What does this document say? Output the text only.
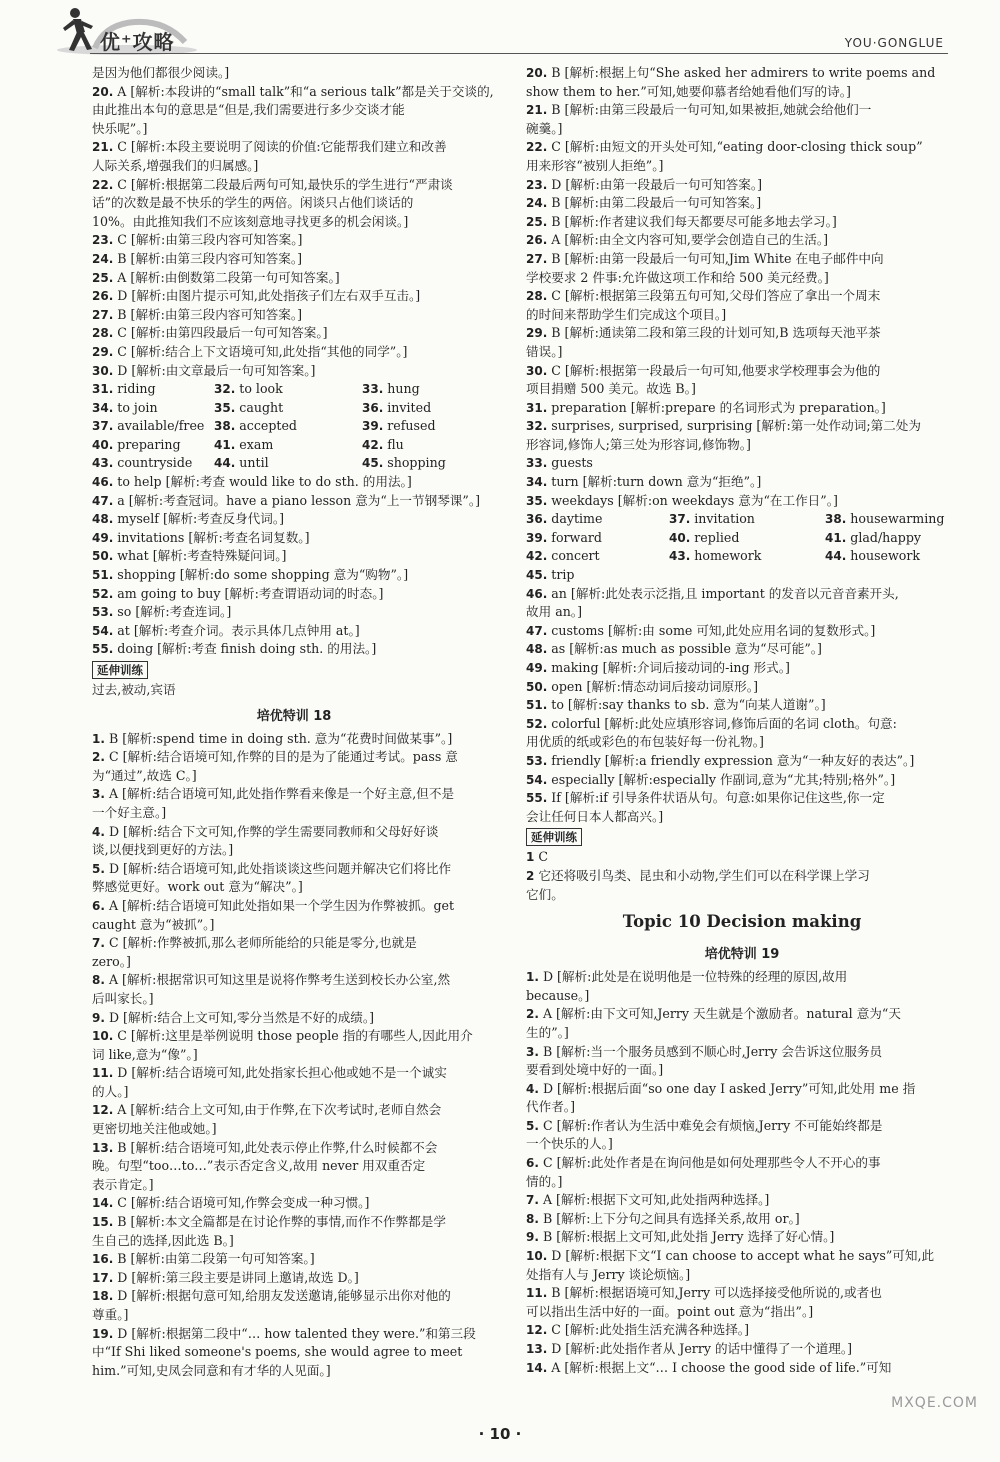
优⁺攻略	YOU·GONGLUE
是因为他们都很少阅读。]
20. A [解析:本段讲的“small talk”和“a serious talk”都是关于交谈的,
由此推出本句的意思是“但是,我们需要进行多少交谈才能
快乐呢”。]
21. C [解析:本段主要说明了阅读的价值:它能帮我们建立和改善
人际关系,增强我们的归属感。]
22. C [解析:根据第二段最后两句可知,最快乐的学生进行“严肃谈
话”的次数是最不快乐的学生的两倍。闲谈只占他们谈话的
10%。由此推知我们不应该刻意地寻找更多的机会闲谈。]
23. C [解析:由第三段内容可知答案。]
24. B [解析:由第三段内容可知答案。]
25. A [解析:由倒数第二段第一句可知答案。]
26. D [解析:由图片提示可知,此处指孩子们左右双手互击。]
27. B [解析:由第三段内容可知答案。]
28. C [解析:由第四段最后一句可知答案。]
29. C [解析:结合上下文语境可知,此处指“其他的同学”。]
30. D [解析:由文章最后一句可知答案。]
31. riding	32. to look	33. hung
34. to join	35. caught	36. invited
37. available/free 38. accepted	39. refused
40. preparing	41. exam	42. flu
43. countryside	44. until	45. shopping
46. to help [解析:考查 would like to do sth. 的用法。]
47. a [解析:考查冠词。have a piano lesson 意为“上一节钢琴课”。]
48. myself [解析:考查反身代词。]
49. invitations [解析:考查名词复数。]
50. what [解析:考查特殊疑问词。]
51. shopping [解析:do some shopping 意为“购物”。]
52. am going to buy [解析:考查谓语动词的时态。]
53. so [解析:考查连词。]
54. at [解析:考查介词。表示具体几点钟用 at。]
55. doing [解析:考查 finish doing sth. 的用法。]
延伸训练
过去,被动,宾语
培优特训 18
1. B [解析:spend time in doing sth. 意为“花费时间做某事”。]
2. C [解析:结合语境可知,作弊的目的是为了能通过考试。pass 意
为“通过”,故选 C。]
3. A [解析:结合语境可知,此处指作弊看来像是一个好主意,但不是
一个好主意。]
4. D [解析:结合下文可知,作弊的学生需要同教师和父母好好谈
谈,以便找到更好的方法。]
5. D [解析:结合语境可知,此处指谈谈这些问题并解决它们将比作
弊感觉更好。work out 意为“解决”。]
6. A [解析:结合语境可知此处指如果一个学生因为作弊被抓。get
caught 意为“被抓”。]
7. C [解析:作弊被抓,那么老师所能给的只能是零分,也就是
zero。]
8. A [解析:根据常识可知这里是说将作弊考生送到校长办公室,然
后叫家长。]
9. D [解析:结合上文可知,零分当然是不好的成绩。]
10. C [解析:这里是举例说明 those people 指的有哪些人,因此用介
词 like,意为“像”。]
11. D [解析:结合语境可知,此处指家长担心他或她不是一个诚实
的人。]
12. A [解析:结合上文可知,由于作弊,在下次考试时,老师自然会
更密切地关注他或她。]
13. B [解析:结合语境可知,此处表示停止作弊,什么时候都不会
晚。句型“too…to…”表示否定含义,故用 never 用双重否定
表示肯定。]
14. C [解析:结合语境可知,作弊会变成一种习惯。]
15. B [解析:本文全篇都是在讨论作弊的事情,而作不作弊都是学
生自己的选择,因此选 B。]
16. B [解析:由第二段第一句可知答案。]
17. D [解析:第三段主要是讲同上邀请,故选 D。]
18. D [解析:根据句意可知,给朋友发送邀请,能够显示出你对他的
尊重。]
19. D [解析:根据第二段中“… how talented they were.”和第三段
中“If Shi liked someone's poems, she would agree to meet
him.”可知,史凤会同意和有才华的人见面。]
20. B [解析:根据上句“She asked her admirers to write poems and
show them to her.”可知,她要仰慕者给她看他们写的诗。]
21. B [解析:由第三段最后一句可知,如果被拒,她就会给他们一
碗羹。]
22. C [解析:由短文的开头处可知,“eating door-closing thick soup”
用来形容“被别人拒绝”。]
23. D [解析:由第一段最后一句可知答案。]
24. B [解析:由第二段最后一句可知答案。]
25. B [解析:作者建议我们每天都要尽可能多地去学习。]
26. A [解析:由全文内容可知,要学会创造自己的生活。]
27. B [解析:由第一段最后一句可知,Jim White 在电子邮件中向
学校要求 2 件事:允许做这项工作和给 500 美元经费。]
28. C [解析:根据第三段第五句可知,父母们答应了拿出一个周末
的时间来帮助学生们完成这个项目。]
29. B [解析:通读第二段和第三段的计划可知,B 选项每天池平茶
错误。]
30. C [解析:根据第一段最后一句可知,他要求学校理事会为他的
项目捐赠 500 美元。故选 B。]
31. preparation [解析:prepare 的名词形式为 preparation。]
32. surprises, surprised, surprising [解析:第一处作动词;第二处为
形容词,修饰人;第三处为形容词,修饰物。]
33. guests
34. turn [解析:turn down 意为“拒绝”。]
35. weekdays [解析:on weekdays 意为“在工作日”。]
36. daytime	37. invitation	38. housewarming
39. forward	40. replied	41. glad/happy
42. concert	43. homework	44. housework
45. trip
46. an [解析:此处表示泛指,且 important 的发音以元音音素开头,
故用 an。]
47. customs [解析:由 some 可知,此处应用名词的复数形式。]
48. as [解析:as much as possible 意为“尽可能”。]
49. making [解析:介词后接动词的-ing 形式。]
50. open [解析:情态动词后接动词原形。]
51. to [解析:say thanks to sb. 意为“向某人道谢”。]
52. colorful [解析:此处应填形容词,修饰后面的名词 cloth。句意:
用优质的纸或彩色的布包装好每一份礼物。]
53. friendly [解析:a friendly expression 意为“一种友好的表达”。]
54. especially [解析:especially 作副词,意为“尤其;特别;格外”。]
55. If [解析:if 引导条件状语从句。句意:如果你记住这些,你一定
会让任何日本人都高兴。]
延伸训练
1 C
2 它还将吸引鸟类、昆虫和小动物,学生们可以在科学课上学习
它们。
Topic 10 Decision making
培优特训 19
1. D [解析:此处是在说明他是一位特殊的经理的原因,故用
because。]
2. A [解析:由下文可知,Jerry 天生就是个激励者。natural 意为“天
生的”。]
3. B [解析:当一个服务员感到不顺心时,Jerry 会告诉这位服务员
要看到处境中好的一面。]
4. D [解析:根据后面“so one day I asked Jerry”可知,此处用 me 指
代作者。]
5. C [解析:作者认为生活中难免会有烦恼,Jerry 不可能始终都是
一个快乐的人。]
6. C [解析:此处作者是在询问他是如何处理那些令人不开心的事
情的。]
7. A [解析:根据下文可知,此处指两种选择。]
8. B [解析:上下分句之间具有选择关系,故用 or。]
9. B [解析:根据上文可知,此处指 Jerry 选择了好心情。]
10. D [解析:根据下文“I can choose to accept what he says”可知,此
处指有人与 Jerry 谈论烦恼。]
11. B [解析:根据语境可知,Jerry 可以选择接受他所说的,或者也
可以指出生活中好的一面。point out 意为“指出”。]
12. C [解析:此处指生活充满各种选择。]
13. D [解析:此处指作者从 Jerry 的话中懂得了一个道理。]
14. A [解析:根据上文“… I choose the good side of life.”可知
· 10 ·
MXQE.COM
